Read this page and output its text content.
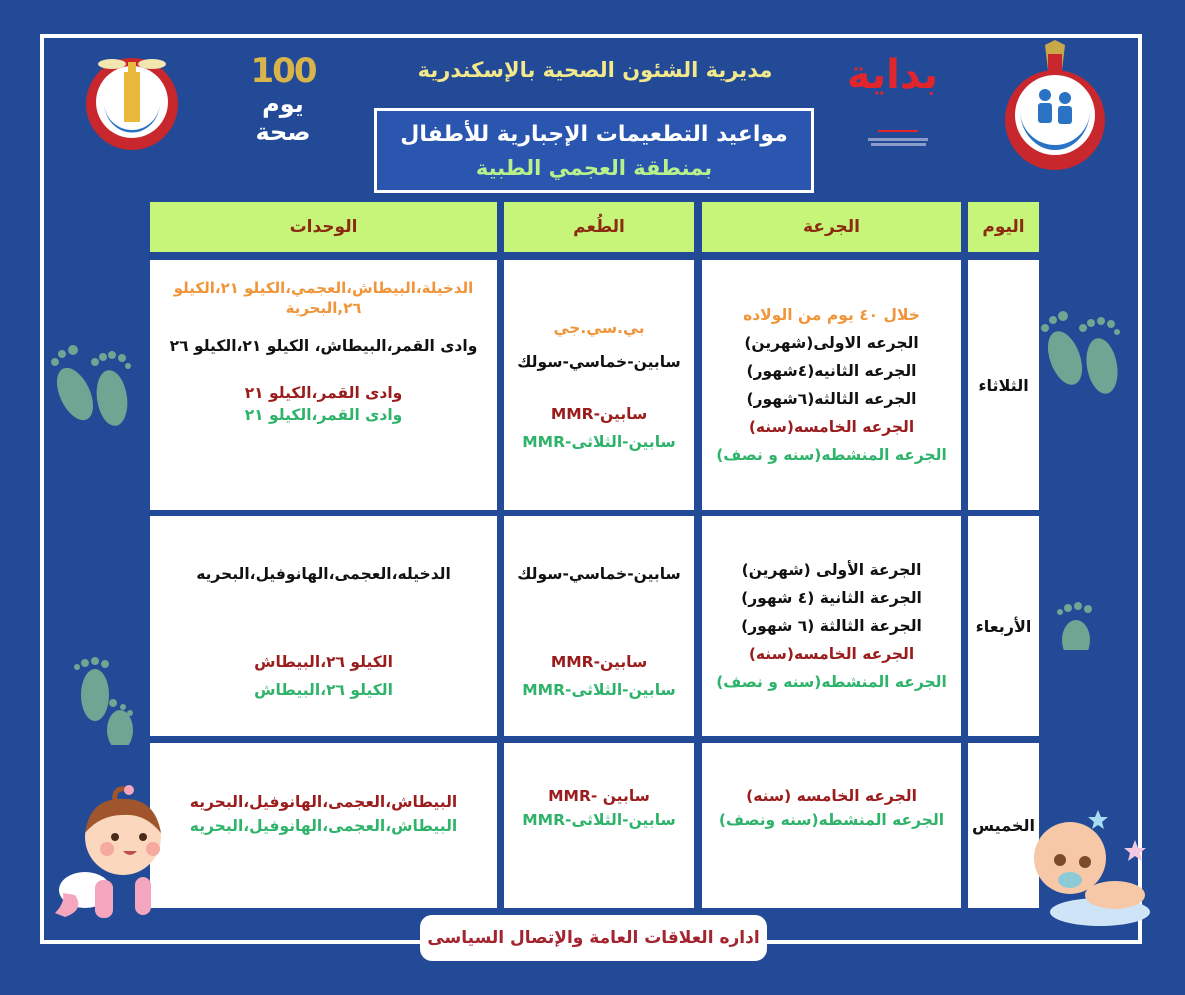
100
يوم
صحة
بداية
مديرية الشئون الصحية بالإسكندرية
مواعيد التطعيمات الإجبارية للأطفال
بمنطقة العجمي الطبية
اليوم
الجرعة
الطُعم
الوحدات
الثلاثاء
خلال ٤٠ يوم من الولاده
الجرعه الاولى(شهرين)
الجرعه الثانيه(٤شهور)
الجرعه الثالثه(٦شهور)
الجرعه الخامسه(سنه)
الجرعه المنشطه(سنه و نصف)
بي.سي.جي
سابين-خماسي-سولك
سابين-MMR
سابين-الثلاثى-MMR
الدخيلة،البيطاش،العجمي،الكيلو ٢١،الكيلو ٢٦,البحرية
وادى القمر،البيطاش، الكيلو ٢١،الكيلو ٢٦
وادى القمر،الكيلو ٢١
وادى القمر،الكيلو ٢١
الأربعاء
الجرعة الأولى (شهرين)
الجرعة الثانية (٤ شهور)
الجرعة الثالثة (٦ شهور)
الجرعه الخامسه(سنه)
الجرعه المنشطه(سنه و نصف)
سابين-خماسي-سولك
سابين-MMR
سابين-الثلاثى-MMR
الدخيله،العجمى،الهانوفيل،البحريه
الكيلو ٢٦،البيطاش
الكيلو ٢٦،البيطاش
الخميس
الجرعه الخامسه (سنه)
الجرعه المنشطه(سنه ونصف)
سابين -MMR
سابين-الثلاثى-MMR
البيطاش،العجمى،الهانوفيل،البحريه
البيطاش،العجمى،الهانوفيل،البحريه
اداره العلاقات العامة والإتصال السياسى
